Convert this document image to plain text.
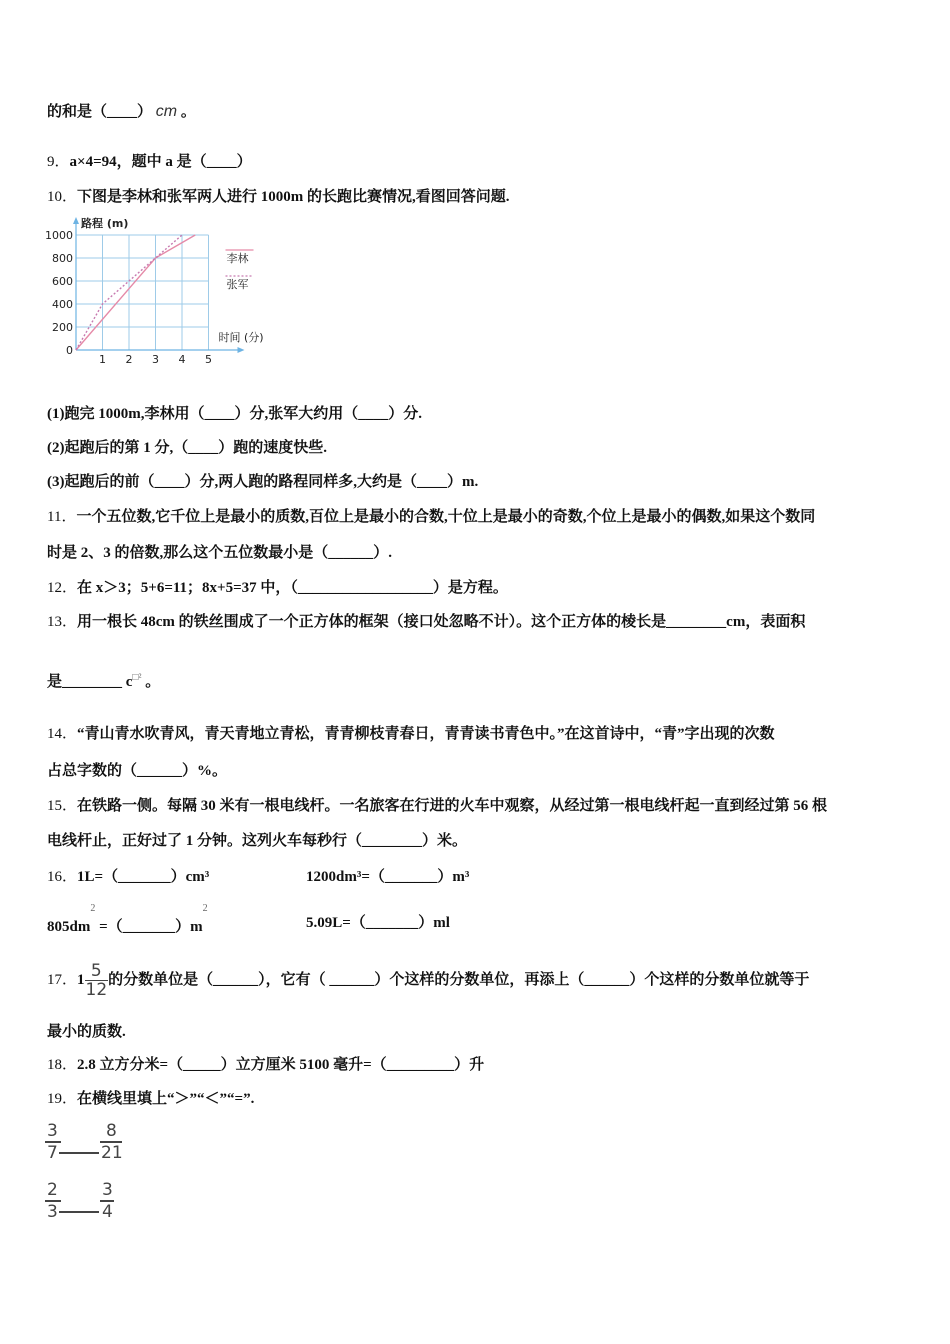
的和是（____） cm 。
9．a×4=94，题中 a 是（____）
10．下图是李林和张军两人进行 1000m 的长跑比赛情况,看图回答问题.
1 2 3 4 5
0
200
400
600
800
1000
路程 (m)
时间 (分)
李林
张军
(1)跑完 1000m,李林用（____）分,张军大约用（____）分.
(2)起跑后的第 1 分,（____）跑的速度快些.
(3)起跑后的前（____）分,两人跑的路程同样多,大约是（____）m.
11．一个五位数,它千位上是最小的质数,百位上是最小的合数,十位上是最小的奇数,个位上是最小的偶数,如果这个数同
时是 2、3 的倍数,那么这个五位数最小是（______）.
12．在 x＞3；5+6=11；8x+5=37 中，（__________________）是方程。
13．用一根长 48cm 的铁丝围成了一个正方体的框架（接口处忽略不计）。这个正方体的棱长是________cm，表面积
是________ $c^{□^2}$ 。
14．“青山青水吹青风，青天青地立青松，青青柳枝青春日，青青读书青色中。”在这首诗中，“青”字出现的次数
占总字数的（______）%。
15．在铁路一侧。每隔 30 米有一根电线杆。一名旅客在行进的火车中观察，从经过第一根电线杆起一直到经过第 56 根
电线杆止，正好过了 1 分钟。这列火车每秒行（________）米。
16．1L=（_______）cm³	1200dm³=（_______）m³
$805dm^2$ $=(\_\_\_\_\_\_\_)m^2$
5.09L=（_______）ml
17．$1 \frac{5}{12}$ 的分数单位是（______），它有（ ______）个这样的分数单位，再添上（______）个这样的分数单位就等于
最小的质数.
18．2.8 立方分米=（_____）立方厘米 5100 毫升=（_________）升
19．在横线里填上“＞”“＜”“=”.
3
7
8
21
2
3
3
4
